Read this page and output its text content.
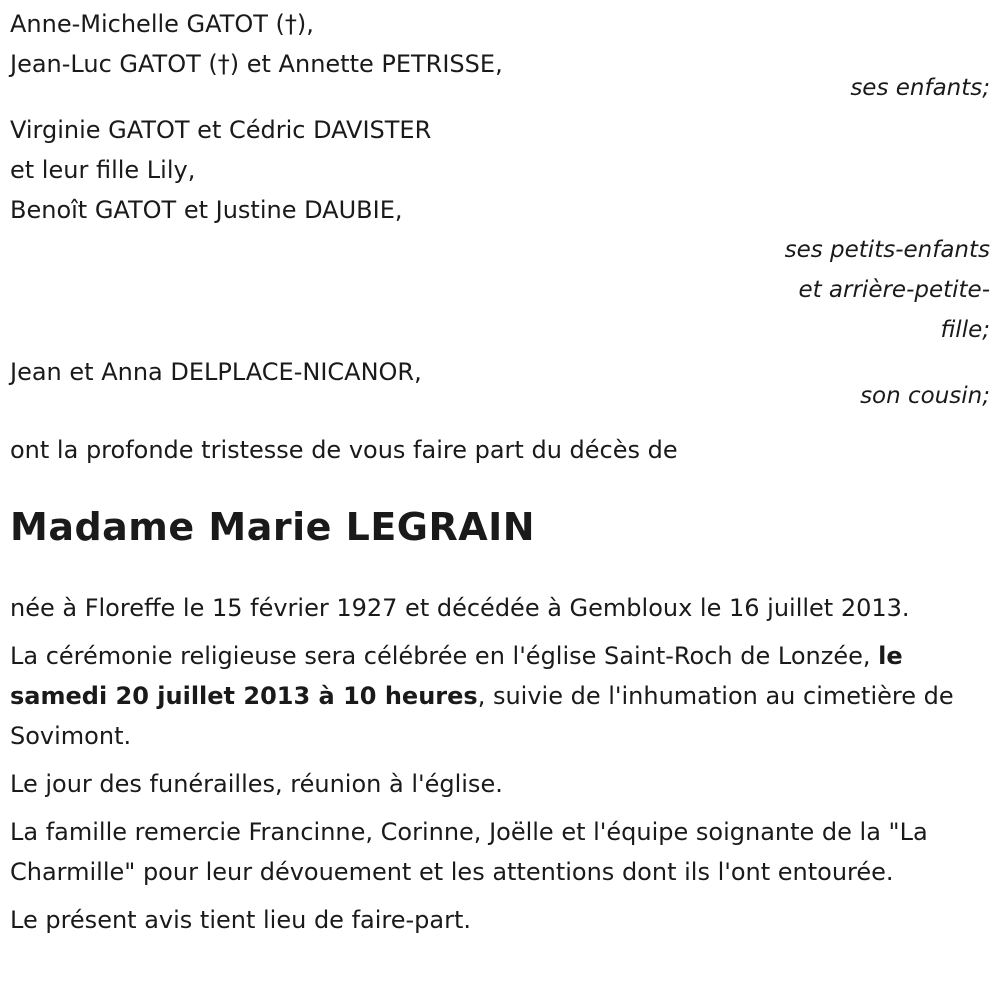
Anne-Michelle GATOT (†),

Jean-Luc GATOT (†) et Annette PETRISSE,

ses enfants;

Virginie GATOT et Cédric DAVISTER

et leur fille Lily,

Benoît GATOT et Justine DAUBIE,

ses petits-enfants

et arrière-petite-

fille;

Jean et Anna DELPLACE-NICANOR,

son cousin;

ont la profonde tristesse de vous faire part du décès de

Madame Marie LEGRAIN

née à Floreffe le 15 février 1927 et décédée à Gembloux le 16 juillet 2013.

La cérémonie religieuse sera célébrée en l'église Saint-Roch de Lonzée, le samedi 20 juillet 2013 à 10 heures, suivie de l'inhumation au cimetière de Sovimont.

Le jour des funérailles, réunion à l'église.

La famille remercie Francinne, Corinne, Joëlle et l'équipe soignante de la "La Charmille" pour leur dévouement et les attentions dont ils l'ont entourée.

Le présent avis tient lieu de faire-part.
